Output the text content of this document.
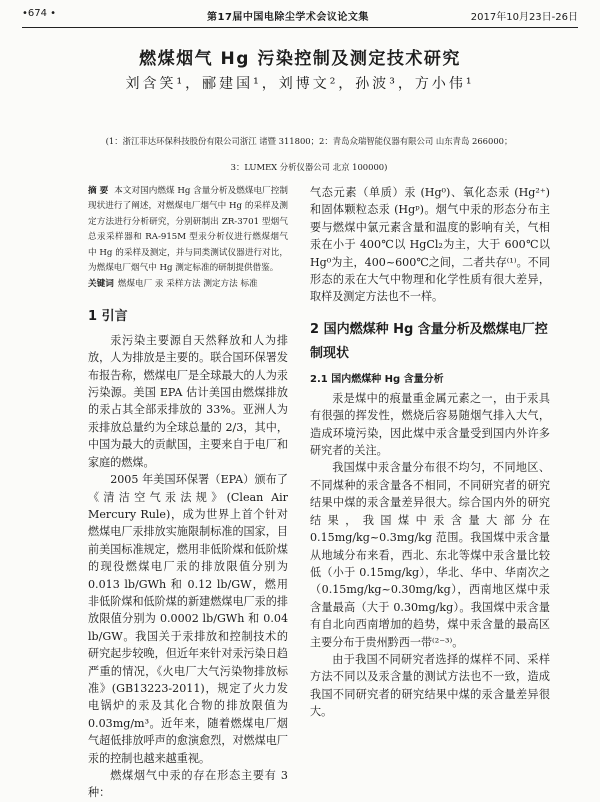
•674 •	第17届中国电除尘学术会议论文集	2017年10月23日-26日
燃煤烟气 Hg 污染控制及测定技术研究
刘含笑¹，郦建国¹，刘博文²，孙波³，方小伟¹
(1：浙江菲达环保科技股份有限公司浙江 诸暨 311800；2：青岛众瑞智能仪器有限公司 山东青岛 266000；
3：LUMEX 分析仪器公司 北京 100000)
摘 要 本文对国内燃煤 Hg 含量分析及燃煤电厂控制现状进行了阐述，对燃煤电厂烟气中 Hg 的采样及测定方法进行分析研究，分别研制出 ZR-3701 型烟气总汞采样器和 RA-915M 型汞分析仪进行燃煤烟气中 Hg 的采样及测定，并与同类测试仪器进行对比，为燃煤电厂烟气中 Hg 测定标准的研制提供借鉴。
关键词 燃煤电厂 汞 采样方法 测定方法 标准
1 引言

汞污染主要源自天然释放和人为排放，人为排放是主要的。联合国环保署发布报告称，燃煤电厂是全球最大的人为汞污染源。美国 EPA 估计美国由燃煤排放的汞占其全部汞排放的 33%。亚洲人为汞排放总量约为全球总量的 2/3，其中，中国为最大的贡献国，主要来自于电厂和家庭的燃煤。

2005 年美国环保署（EPA）颁布了《清洁空气汞法规》(Clean Air Mercury Rule)，成为世界上首个针对燃煤电厂汞排放实施限制标准的国家，目前美国标准规定，燃用非低阶煤和低阶煤的现役燃煤电厂汞的排放限值分别为 0.013 lb/GWh 和 0.12 lb/GW，燃用非低阶煤和低阶煤的新建燃煤电厂汞的排放限值分别为 0.0002 lb/GWh 和 0.04 lb/GW。我国关于汞排放和控制技术的研究起步较晚，但近年来针对汞污染日趋严重的情况，《火电厂大气污染物排放标准》(GB13223-2011)，规定了火力发电锅炉的汞及其化合物的排放限值为 0.03mg/m³。近年来，随着燃煤电厂烟气超低排放呼声的愈演愈烈，对燃煤电厂汞的控制也越来越重视。

燃煤烟气中汞的存在形态主要有 3 种：

气态元素（单质）汞 (Hg⁰)、氧化态汞 (Hg²⁺) 和固体颗粒态汞 (Hgᵖ)。烟气中汞的形态分布主要与燃煤中氯元素含量和温度的影响有关，气相汞在小于 400℃以 HgCl₂为主，大于 600℃以 Hg⁰为主，400~600℃之间，二者共存⁽¹⁾。不同形态的汞在大气中物理和化学性质有很大差异，取样及测定方法也不一样。

2 国内燃煤种 Hg 含量分析及燃煤电厂控制现状
2.1 国内燃煤种 Hg 含量分析

汞是煤中的痕量重金属元素之一，由于汞具有很强的挥发性，燃烧后容易随烟气排入大气，造成环境污染，因此煤中汞含量受到国内外许多研究者的关注。

我国煤中汞含量分布很不均匀，不同地区、不同煤种的汞含量各不相同，不同研究者的研究结果中煤的汞含量差异很大。综合国内外的研究结果，我国煤中汞含量大部分在 0.15mg/kg~0.3mg/kg 范围。我国煤中汞含量从地域分布来看，西北、东北等煤中汞含量比较低（小于 0.15mg/kg），华北、华中、华南次之（0.15mg/kg~0.30mg/kg），西南地区煤中汞含量最高（大于 0.30mg/kg）。我国煤中汞含量有自北向西南增加的趋势，煤中汞含量的最高区主要分布于贵州黔西一带⁽²⁻³⁾。

由于我国不同研究者选择的煤样不同、采样方法不同以及汞含量的测试方法也不一致，造成我国不同研究者的研究结果中煤的汞含量差异很大。
